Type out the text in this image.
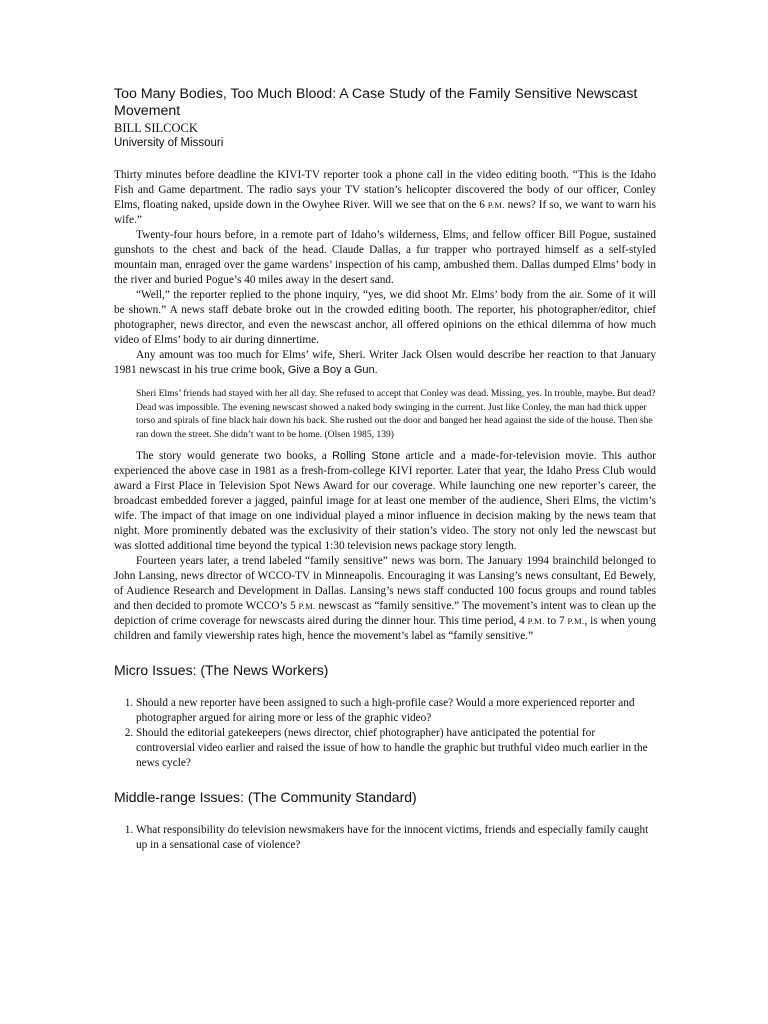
Too Many Bodies, Too Much Blood: A Case Study of the Family Sensitive Newscast Movement
BILL SILCOCK
University of Missouri

Thirty minutes before deadline the KIVI-TV reporter took a phone call in the video editing booth. “This is the Idaho Fish and Game department. The radio says your TV station’s helicopter discovered the body of our officer, Conley Elms, floating naked, upside down in the Owyhee River. Will we see that on the 6 P.M. news? If so, we want to warn his wife.”

Twenty-four hours before, in a remote part of Idaho’s wilderness, Elms, and fellow officer Bill Pogue, sustained gunshots to the chest and back of the head. Claude Dallas, a fur trapper who portrayed himself as a self-styled mountain man, enraged over the game wardens’ inspection of his camp, ambushed them. Dallas dumped Elms’ body in the river and buried Pogue’s 40 miles away in the desert sand.

“Well,” the reporter replied to the phone inquiry, “yes, we did shoot Mr. Elms’ body from the air. Some of it will be shown.” A news staff debate broke out in the crowded editing booth. The reporter, his photographer/editor, chief photographer, news director, and even the newscast anchor, all offered opinions on the ethical dilemma of how much video of Elms’ body to air during dinnertime.

Any amount was too much for Elms’ wife, Sheri. Writer Jack Olsen would describe her reaction to that January 1981 newscast in his true crime book, Give a Boy a Gun.

Sheri Elms’ friends had stayed with her all day. She refused to accept that Conley was dead. Missing, yes. In trouble, maybe. But dead? Dead was impossible. The evening newscast showed a naked body swinging in the current. Just like Conley, the man had thick upper torso and spirals of fine black hair down his back. She rushed out the door and banged her head against the side of the house. Then she ran down the street. She didn’t want to be home. (Olsen 1985, 139)

The story would generate two books, a Rolling Stone article and a made-for-television movie. This author experienced the above case in 1981 as a fresh-from-college KIVI reporter. Later that year, the Idaho Press Club would award a First Place in Television Spot News Award for our coverage. While launching one new reporter’s career, the broadcast embedded forever a jagged, painful image for at least one member of the audience, Sheri Elms, the victim’s wife. The impact of that image on one individual played a minor influence in decision making by the news team that night. More prominently debated was the exclusivity of their station’s video. The story not only led the newscast but was slotted additional time beyond the typical 1:30 television news package story length.

Fourteen years later, a trend labeled “family sensitive” news was born. The January 1994 brainchild belonged to John Lansing, news director of WCCO-TV in Minneapolis. Encouraging it was Lansing’s news consultant, Ed Bewely, of Audience Research and Development in Dallas. Lansing’s news staff conducted 100 focus groups and round tables and then decided to promote WCCO’s 5 P.M. newscast as “family sensitive.” The movement’s intent was to clean up the depiction of crime coverage for newscasts aired during the dinner hour. This time period, 4 P.M. to 7 P.M., is when young children and family viewership rates high, hence the movement’s label as “family sensitive.”

Micro Issues: (The News Workers)
1. Should a new reporter have been assigned to such a high-profile case? Would a more experienced reporter and photographer argued for airing more or less of the graphic video?
2. Should the editorial gatekeepers (news director, chief photographer) have anticipated the potential for controversial video earlier and raised the issue of how to handle the graphic but truthful video much earlier in the news cycle?
Middle-range Issues: (The Community Standard)
1. What responsibility do television newsmakers have for the innocent victims, friends and especially family caught up in a sensational case of violence?
